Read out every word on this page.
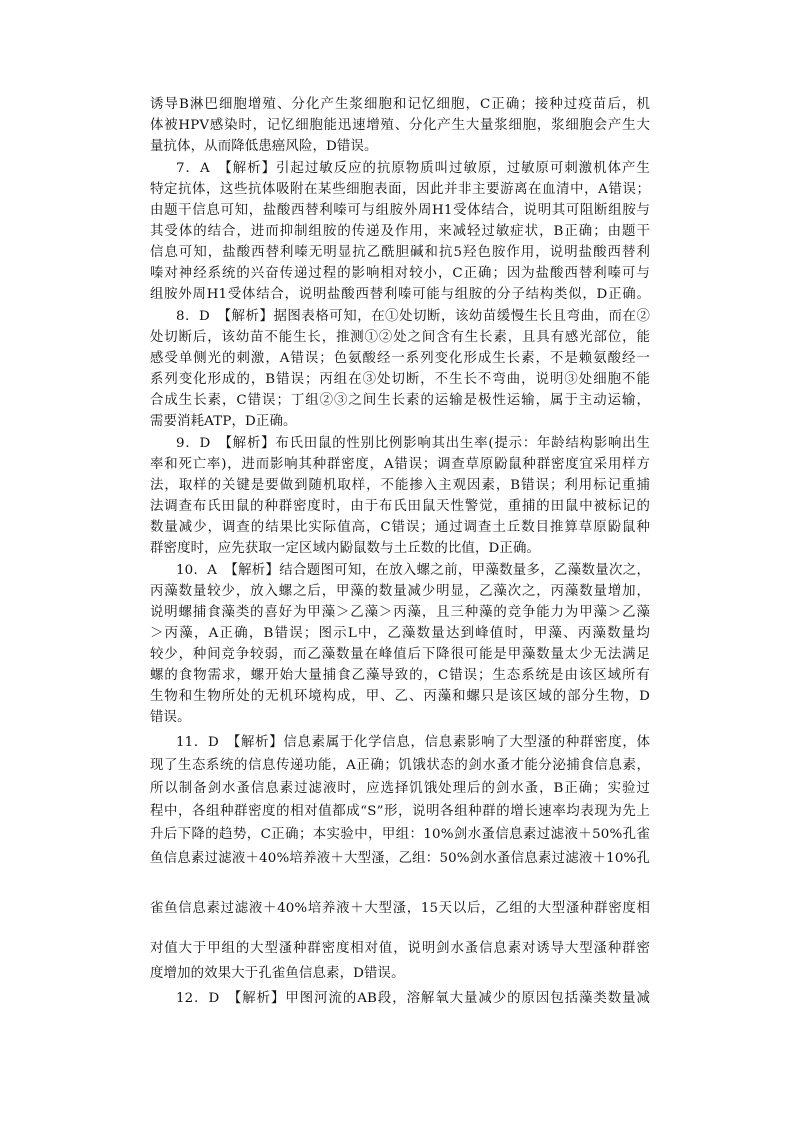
诱导B淋巴细胞增殖、分化产生浆细胞和记忆细胞，C正确；接种过疫苗后，机
体被HPV感染时，记忆细胞能迅速增殖、分化产生大量浆细胞，浆细胞会产生大
量抗体，从而降低患癌风险，D错误。
7．A　【解析】引起过敏反应的抗原物质叫过敏原，过敏原可刺激机体产生
特定抗体，这些抗体吸附在某些细胞表面，因此并非主要游离在血清中，A错误；
由题干信息可知，盐酸西替利嗪可与组胺外周H1受体结合，说明其可阻断组胺与
其受体的结合，进而抑制组胺的传递及作用，来减轻过敏症状，B正确；由题干
信息可知，盐酸西替利嗪无明显抗乙酰胆碱和抗5羟色胺作用，说明盐酸西替利
嗪对神经系统的兴奋传递过程的影响相对较小，C正确；因为盐酸西替利嗪可与
组胺外周H1受体结合，说明盐酸西替利嗪可能与组胺的分子结构类似，D正确。
8．D　【解析】据图表格可知，在①处切断，该幼苗缓慢生长且弯曲，而在②
处切断后，该幼苗不能生长，推测①②处之间含有生长素，且具有感光部位，能
感受单侧光的刺激，A错误；色氨酸经一系列变化形成生长素，不是赖氨酸经一
系列变化形成的，B错误；丙组在③处切断，不生长不弯曲，说明③处细胞不能
合成生长素，C错误；丁组②③之间生长素的运输是极性运输，属于主动运输，
需要消耗ATP，D正确。
9．D　【解析】布氏田鼠的性别比例影响其出生率(提示：年龄结构影响出生
率和死亡率)，进而影响其种群密度，A错误；调查草原鼢鼠种群密度宜采用样方
法，取样的关键是要做到随机取样，不能掺入主观因素，B错误；利用标记重捕
法调查布氏田鼠的种群密度时，由于布氏田鼠天性警觉，重捕的田鼠中被标记的
数量减少，调查的结果比实际值高，C错误；通过调查土丘数目推算草原鼢鼠种
群密度时，应先获取一定区域内鼢鼠数与土丘数的比值，D正确。
10．A　【解析】结合题图可知，在放入螺之前，甲藻数量多，乙藻数量次之，
丙藻数量较少，放入螺之后，甲藻的数量减少明显，乙藻次之，丙藻数量增加，
说明螺捕食藻类的喜好为甲藻＞乙藻＞丙藻，且三种藻的竞争能力为甲藻＞乙藻
＞丙藻，A正确，B错误；图示L中，乙藻数量达到峰值时，甲藻、丙藻数量均
较少，种间竞争较弱，而乙藻数量在峰值后下降很可能是甲藻数量太少无法满足
螺的食物需求，螺开始大量捕食乙藻导致的，C错误；生态系统是由该区域所有
生物和生物所处的无机环境构成，甲、乙、丙藻和螺只是该区域的部分生物，D
错误。
11．D　【解析】信息素属于化学信息，信息素影响了大型溞的种群密度，体
现了生态系统的信息传递功能，A正确；饥饿状态的剑水蚤才能分泌捕食信息素，
所以制备剑水蚤信息素过滤液时，应选择饥饿处理后的剑水蚤，B正确；实验过
程中，各组种群密度的相对值都成“S”形，说明各组种群的增长速率均表现为先上
升后下降的趋势，C正确；本实验中，甲组：10%剑水蚤信息素过滤液＋50%孔雀
鱼信息素过滤液＋40%培养液＋大型溞，乙组：50%剑水蚤信息素过滤液＋10%孔
雀鱼信息素过滤液＋40%培养液＋大型溞，15天以后，乙组的大型溞种群密度相
对值大于甲组的大型溞种群密度相对值，说明剑水蚤信息素对诱导大型溞种群密
度增加的效果大于孔雀鱼信息素，D错误。
12．D　【解析】甲图河流的AB段，溶解氧大量减少的原因包括藻类数量减
